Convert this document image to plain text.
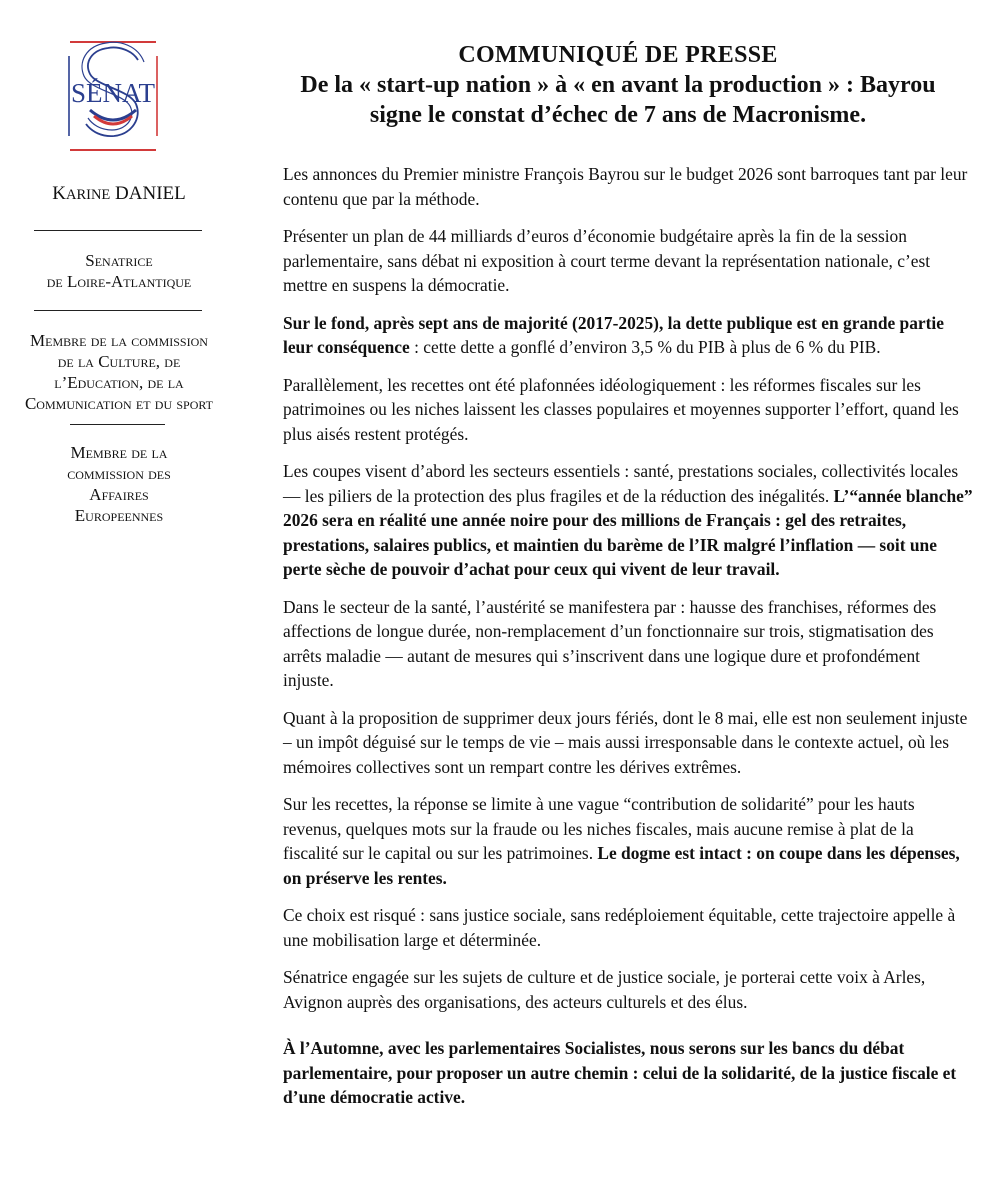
SÉNAT
KARINE DANIEL
Senatrice
de Loire-Atlantique
Membre de la commission
de la Culture, de
l’Education, de la
Communication et du sport
Membre de la
commission des
Affaires
Europeennes
COMMUNIQUÉ DE PRESSE
De la « start-up nation » à « en avant la production » : Bayrou
signe le constat d’échec de 7 ans de Macronisme.

Les annonces du Premier ministre François Bayrou sur le budget 2026 sont barroques tant par leur contenu que par la méthode.

Présenter un plan de 44 milliards d’euros d’économie budgétaire après la fin de la session parlementaire, sans débat ni exposition à court terme devant la représentation nationale, c’est mettre en suspens la démocratie.

Sur le fond, après sept ans de majorité (2017-2025), la dette publique est en grande partie leur conséquence : cette dette a gonflé d’environ 3,5 % du PIB à plus de 6 % du PIB.

Parallèlement, les recettes ont été plafonnées idéologiquement : les réformes fiscales sur les patrimoines ou les niches laissent les classes populaires et moyennes supporter l’effort, quand les plus aisés restent protégés.

Les coupes visent d’abord les secteurs essentiels : santé, prestations sociales, collectivités locales — les piliers de la protection des plus fragiles et de la réduction des inégalités. L’“année blanche” 2026 sera en réalité une année noire pour des millions de Français : gel des retraites, prestations, salaires publics, et maintien du barème de l’IR malgré l’inflation — soit une perte sèche de pouvoir d’achat pour ceux qui vivent de leur travail.

Dans le secteur de la santé, l’austérité se manifestera par : hausse des franchises, réformes des affections de longue durée, non-remplacement d’un fonctionnaire sur trois, stigmatisation des arrêts maladie — autant de mesures qui s’inscrivent dans une logique dure et profondément injuste.

Quant à la proposition de supprimer deux jours fériés, dont le 8 mai, elle est non seulement injuste – un impôt déguisé sur le temps de vie – mais aussi irresponsable dans le contexte actuel, où les mémoires collectives sont un rempart contre les dérives extrêmes.

Sur les recettes, la réponse se limite à une vague “contribution de solidarité” pour les hauts revenus, quelques mots sur la fraude ou les niches fiscales, mais aucune remise à plat de la fiscalité sur le capital ou sur les patrimoines. Le dogme est intact : on coupe dans les dépenses, on préserve les rentes.

Ce choix est risqué : sans justice sociale, sans redéploiement équitable, cette trajectoire appelle à une mobilisation large et déterminée.

Sénatrice engagée sur les sujets de culture et de justice sociale, je porterai cette voix à Arles, Avignon auprès des organisations, des acteurs culturels et des élus.

À l’Automne, avec les parlementaires Socialistes, nous serons sur les bancs du débat parlementaire, pour proposer un autre chemin : celui de la solidarité, de la justice fiscale et d’une démocratie active.
